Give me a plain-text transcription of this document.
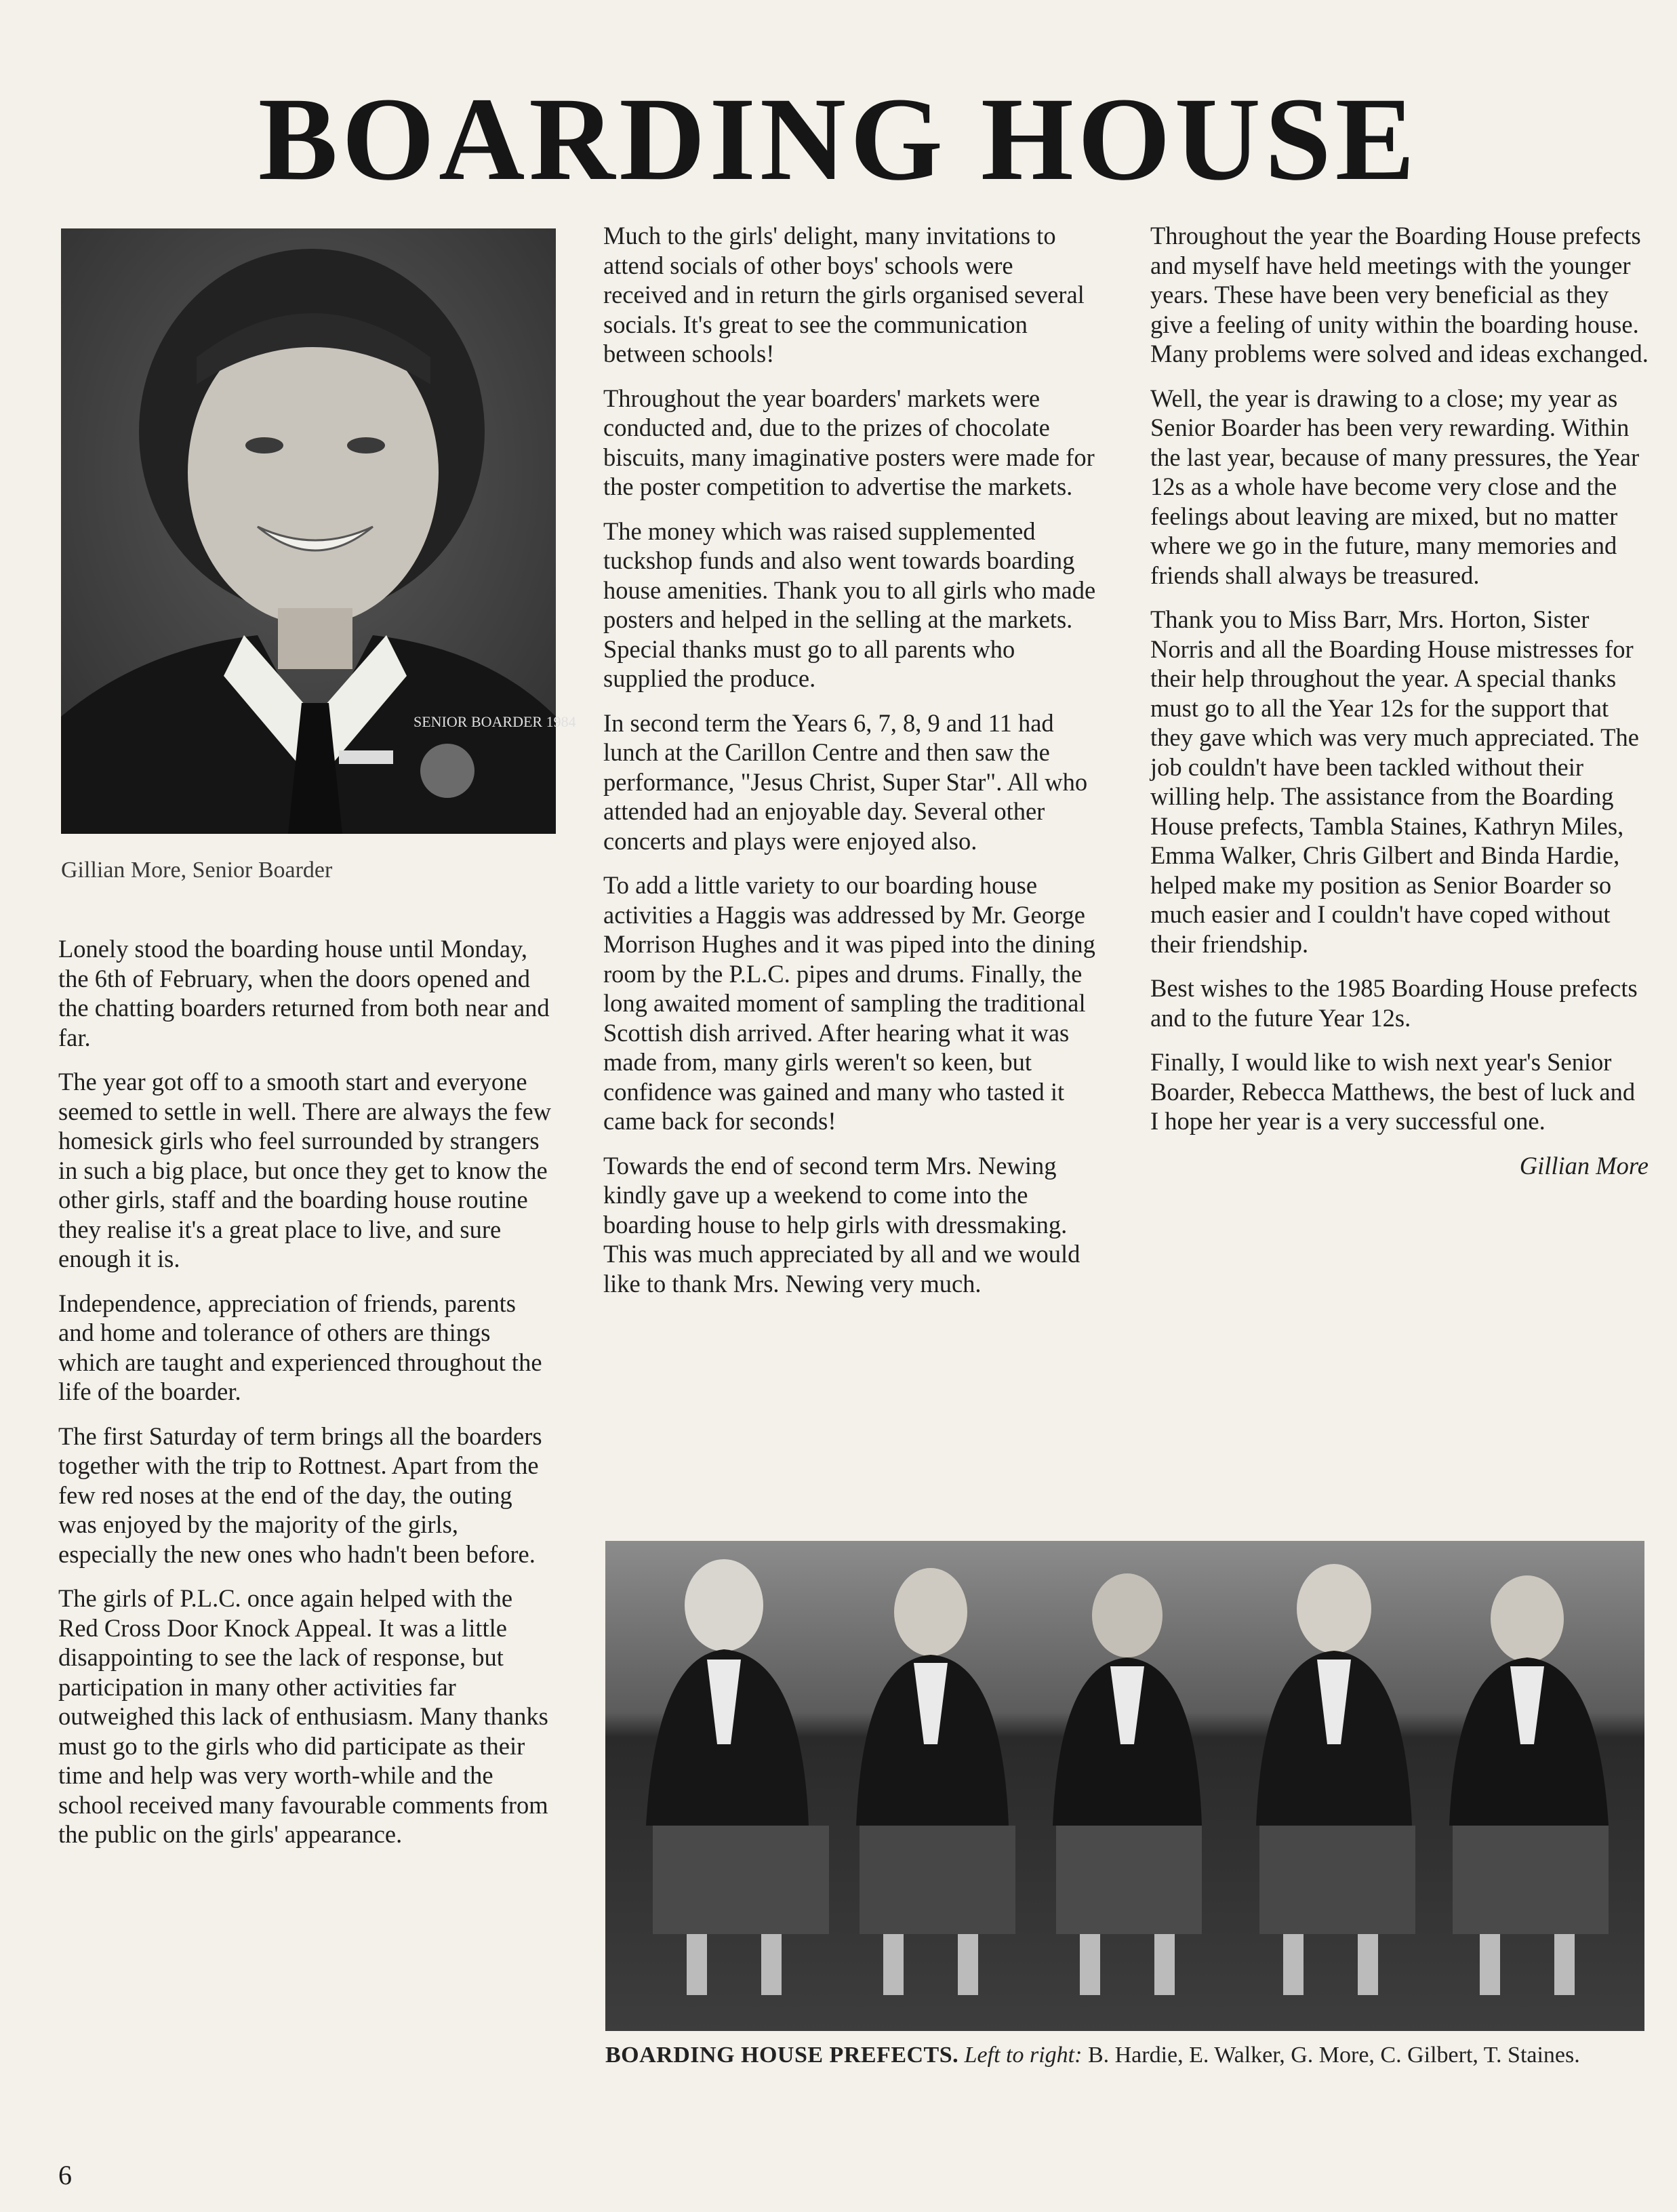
BOARDING HOUSE
SENIOR BOARDER 1984
Gillian More, Senior Boarder

Lonely stood the boarding house until Monday, the 6th of February, when the doors opened and the chatting boarders returned from both near and far.

The year got off to a smooth start and everyone seemed to settle in well. There are always the few homesick girls who feel surrounded by strangers in such a big place, but once they get to know the other girls, staff and the boarding house routine they realise it's a great place to live, and sure enough it is.

Independence, appreciation of friends, parents and home and tolerance of others are things which are taught and experienced throughout the life of the boarder.

The first Saturday of term brings all the boarders together with the trip to Rottnest. Apart from the few red noses at the end of the day, the outing was enjoyed by the majority of the girls, especially the new ones who hadn't been before.

The girls of P.L.C. once again helped with the Red Cross Door Knock Appeal. It was a little disappointing to see the lack of response, but participation in many other activities far outweighed this lack of enthusiasm. Many thanks must go to the girls who did participate as their time and help was very worth-while and the school received many favourable comments from the public on the girls' appearance.

Much to the girls' delight, many invitations to attend socials of other boys' schools were received and in return the girls organised several socials. It's great to see the communication between schools!

Throughout the year boarders' markets were conducted and, due to the prizes of chocolate biscuits, many imaginative posters were made for the poster competition to advertise the markets.

The money which was raised supplemented tuckshop funds and also went towards boarding house amenities. Thank you to all girls who made posters and helped in the selling at the markets. Special thanks must go to all parents who supplied the produce.

In second term the Years 6, 7, 8, 9 and 11 had lunch at the Carillon Centre and then saw the performance, "Jesus Christ, Super Star". All who attended had an enjoyable day. Several other concerts and plays were enjoyed also.

To add a little variety to our boarding house activities a Haggis was addressed by Mr. George Morrison Hughes and it was piped into the dining room by the P.L.C. pipes and drums. Finally, the long awaited moment of sampling the traditional Scottish dish arrived. After hearing what it was made from, many girls weren't so keen, but confidence was gained and many who tasted it came back for seconds!

Towards the end of second term Mrs. Newing kindly gave up a weekend to come into the boarding house to help girls with dressmaking. This was much appreciated by all and we would like to thank Mrs. Newing very much.

Throughout the year the Boarding House prefects and myself have held meetings with the younger years. These have been very beneficial as they give a feeling of unity within the boarding house. Many problems were solved and ideas exchanged.

Well, the year is drawing to a close; my year as Senior Boarder has been very rewarding. Within the last year, because of many pressures, the Year 12s as a whole have become very close and the feelings about leaving are mixed, but no matter where we go in the future, many memories and friends shall always be treasured.

Thank you to Miss Barr, Mrs. Horton, Sister Norris and all the Boarding House mistresses for their help throughout the year. A special thanks must go to all the Year 12s for the support that they gave which was very much appreciated. The job couldn't have been tackled without their willing help. The assistance from the Boarding House prefects, Tambla Staines, Kathryn Miles, Emma Walker, Chris Gilbert and Binda Hardie, helped make my position as Senior Boarder so much easier and I couldn't have coped without their friendship.

Best wishes to the 1985 Boarding House prefects and to the future Year 12s.

Finally, I would like to wish next year's Senior Boarder, Rebecca Matthews, the best of luck and I hope her year is a very successful one.

Gillian More
BOARDING HOUSE PREFECTS. Left to right: B. Hardie, E. Walker, G. More, C. Gilbert, T. Staines.
6
